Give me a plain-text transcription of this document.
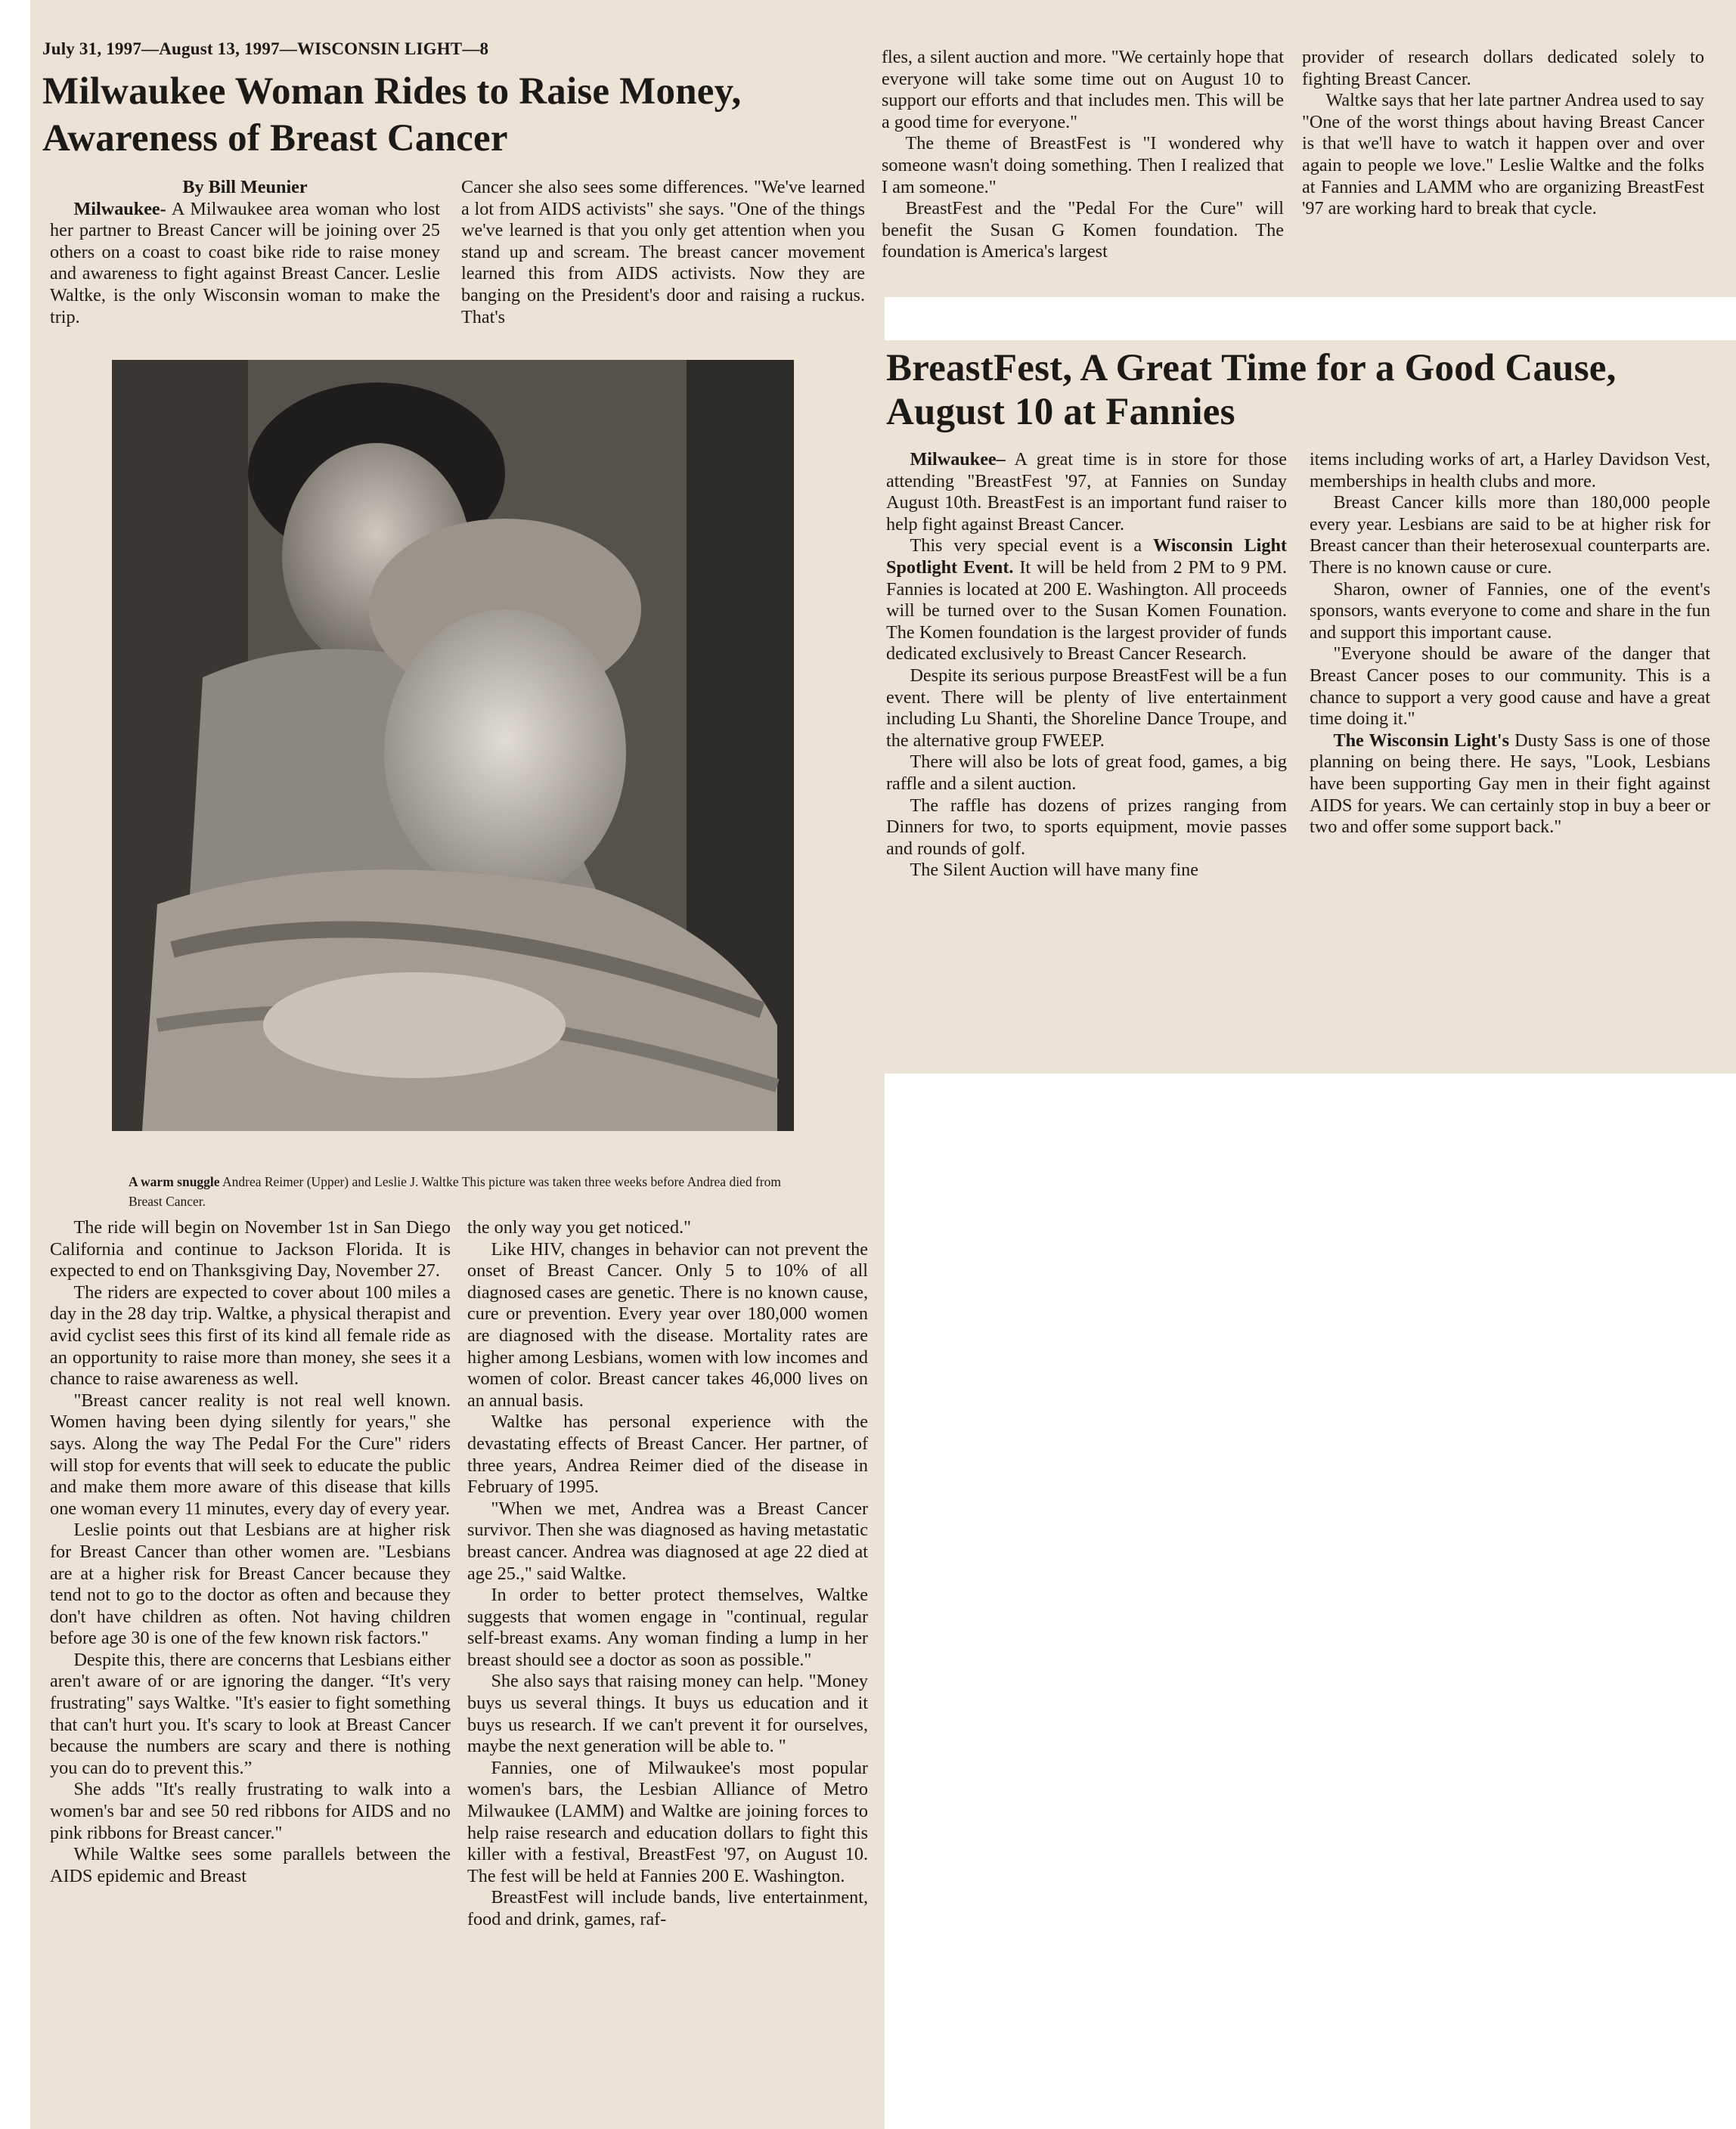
July 31, 1997—August 13, 1997—WISCONSIN LIGHT—8
Milwaukee Woman Rides to Raise Money,
Awareness of Breast Cancer

By Bill Meunier

Milwaukee- A Milwaukee area woman who lost her partner to Breast Cancer will be joining over 25 others on a coast to coast bike ride to raise money and awareness to fight against Breast Cancer. Leslie Waltke, is the only Wisconsin woman to make the trip.

Cancer she also sees some differences. "We've learned a lot from AIDS activists" she says. "One of the things we've learned is that you only get attention when you stand up and scream. The breast cancer movement learned this from AIDS activists. Now they are banging on the President's door and raising a ruckus. That's

A warm snuggle Andrea Reimer (Upper) and Leslie J. Waltke This picture was taken three weeks before Andrea died from Breast Cancer.

The ride will begin on November 1st in San Diego California and continue to Jackson Florida. It is expected to end on Thanksgiving Day, November 27.

The riders are expected to cover about 100 miles a day in the 28 day trip. Waltke, a physical therapist and avid cyclist sees this first of its kind all female ride as an opportunity to raise more than money, she sees it a chance to raise awareness as well.

"Breast cancer reality is not real well known. Women having been dying silently for years," she says. Along the way The Pedal For the Cure" riders will stop for events that will seek to educate the public and make them more aware of this disease that kills one woman every 11 minutes, every day of every year.

Leslie points out that Lesbians are at higher risk for Breast Cancer than other women are. "Lesbians are at a higher risk for Breast Cancer because they tend not to go to the doctor as often and because they don't have children as often. Not having children before age 30 is one of the few known risk factors."

Despite this, there are concerns that Lesbians either aren't aware of or are ignoring the danger. “It's very frustrating" says Waltke. "It's easier to fight something that can't hurt you. It's scary to look at Breast Cancer because the numbers are scary and there is nothing you can do to prevent this.”

She adds "It's really frustrating to walk into a women's bar and see 50 red ribbons for AIDS and no pink ribbons for Breast cancer."

While Waltke sees some parallels between the AIDS epidemic and Breast

the only way you get noticed."

Like HIV, changes in behavior can not prevent the onset of Breast Cancer. Only 5 to 10% of all diagnosed cases are genetic. There is no known cause, cure or prevention. Every year over 180,000 women are diagnosed with the disease. Mortality rates are higher among Lesbians, women with low incomes and women of color. Breast cancer takes 46,000 lives on an annual basis.

Waltke has personal experience with the devastating effects of Breast Cancer. Her partner, of three years, Andrea Reimer died of the disease in February of 1995.

"When we met, Andrea was a Breast Cancer survivor. Then she was diagnosed as having metastatic breast cancer. Andrea was diagnosed at age 22 died at age 25.," said Waltke.

In order to better protect themselves, Waltke suggests that women engage in "continual, regular self-breast exams. Any woman finding a lump in her breast should see a doctor as soon as possible."

She also says that raising money can help. "Money buys us several things. It buys us education and it buys us research. If we can't prevent it for ourselves, maybe the next generation will be able to. "

Fannies, one of Milwaukee's most popular women's bars, the Lesbian Alliance of Metro Milwaukee (LAMM) and Waltke are joining forces to help raise research and education dollars to fight this killer with a festival, BreastFest '97, on August 10. The fest will be held at Fannies 200 E. Washington.

BreastFest will include bands, live entertainment, food and drink, games, raf-

fles, a silent auction and more. "We certainly hope that everyone will take some time out on August 10 to support our efforts and that includes men. This will be a good time for everyone."

The theme of BreastFest is "I wondered why someone wasn't doing something. Then I realized that I am someone."

BreastFest and the "Pedal For the Cure" will benefit the Susan G Komen foundation. The foundation is America's largest

provider of research dollars dedicated solely to fighting Breast Cancer.

Waltke says that her late partner Andrea used to say "One of the worst things about having Breast Cancer is that we'll have to watch it happen over and over again to people we love." Leslie Waltke and the folks at Fannies and LAMM who are organizing BreastFest '97 are working hard to break that cycle.

BreastFest, A Great Time for a Good Cause,
August 10 at Fannies

Milwaukee– A great time is in store for those attending "BreastFest '97, at Fannies on Sunday August 10th. BreastFest is an important fund raiser to help fight against Breast Cancer.

This very special event is a Wisconsin Light Spotlight Event. It will be held from 2 PM to 9 PM. Fannies is located at 200 E. Washington. All proceeds will be turned over to the Susan Komen Founation. The Komen foundation is the largest provider of funds dedicated exclusively to Breast Cancer Research.

Despite its serious purpose BreastFest will be a fun event. There will be plenty of live entertainment including Lu Shanti, the Shoreline Dance Troupe, and the alternative group FWEEP.

There will also be lots of great food, games, a big raffle and a silent auction.

The raffle has dozens of prizes ranging from Dinners for two, to sports equipment, movie passes and rounds of golf.

The Silent Auction will have many fine

items including works of art, a Harley Davidson Vest, memberships in health clubs and more.

Breast Cancer kills more than 180,000 people every year. Lesbians are said to be at higher risk for Breast cancer than their heterosexual counterparts are. There is no known cause or cure.

Sharon, owner of Fannies, one of the event's sponsors, wants everyone to come and share in the fun and support this important cause.

"Everyone should be aware of the danger that Breast Cancer poses to our community. This is a chance to support a very good cause and have a great time doing it."

The Wisconsin Light's Dusty Sass is one of those planning on being there. He says, "Look, Lesbians have been supporting Gay men in their fight against AIDS for years. We can certainly stop in buy a beer or two and offer some support back."
